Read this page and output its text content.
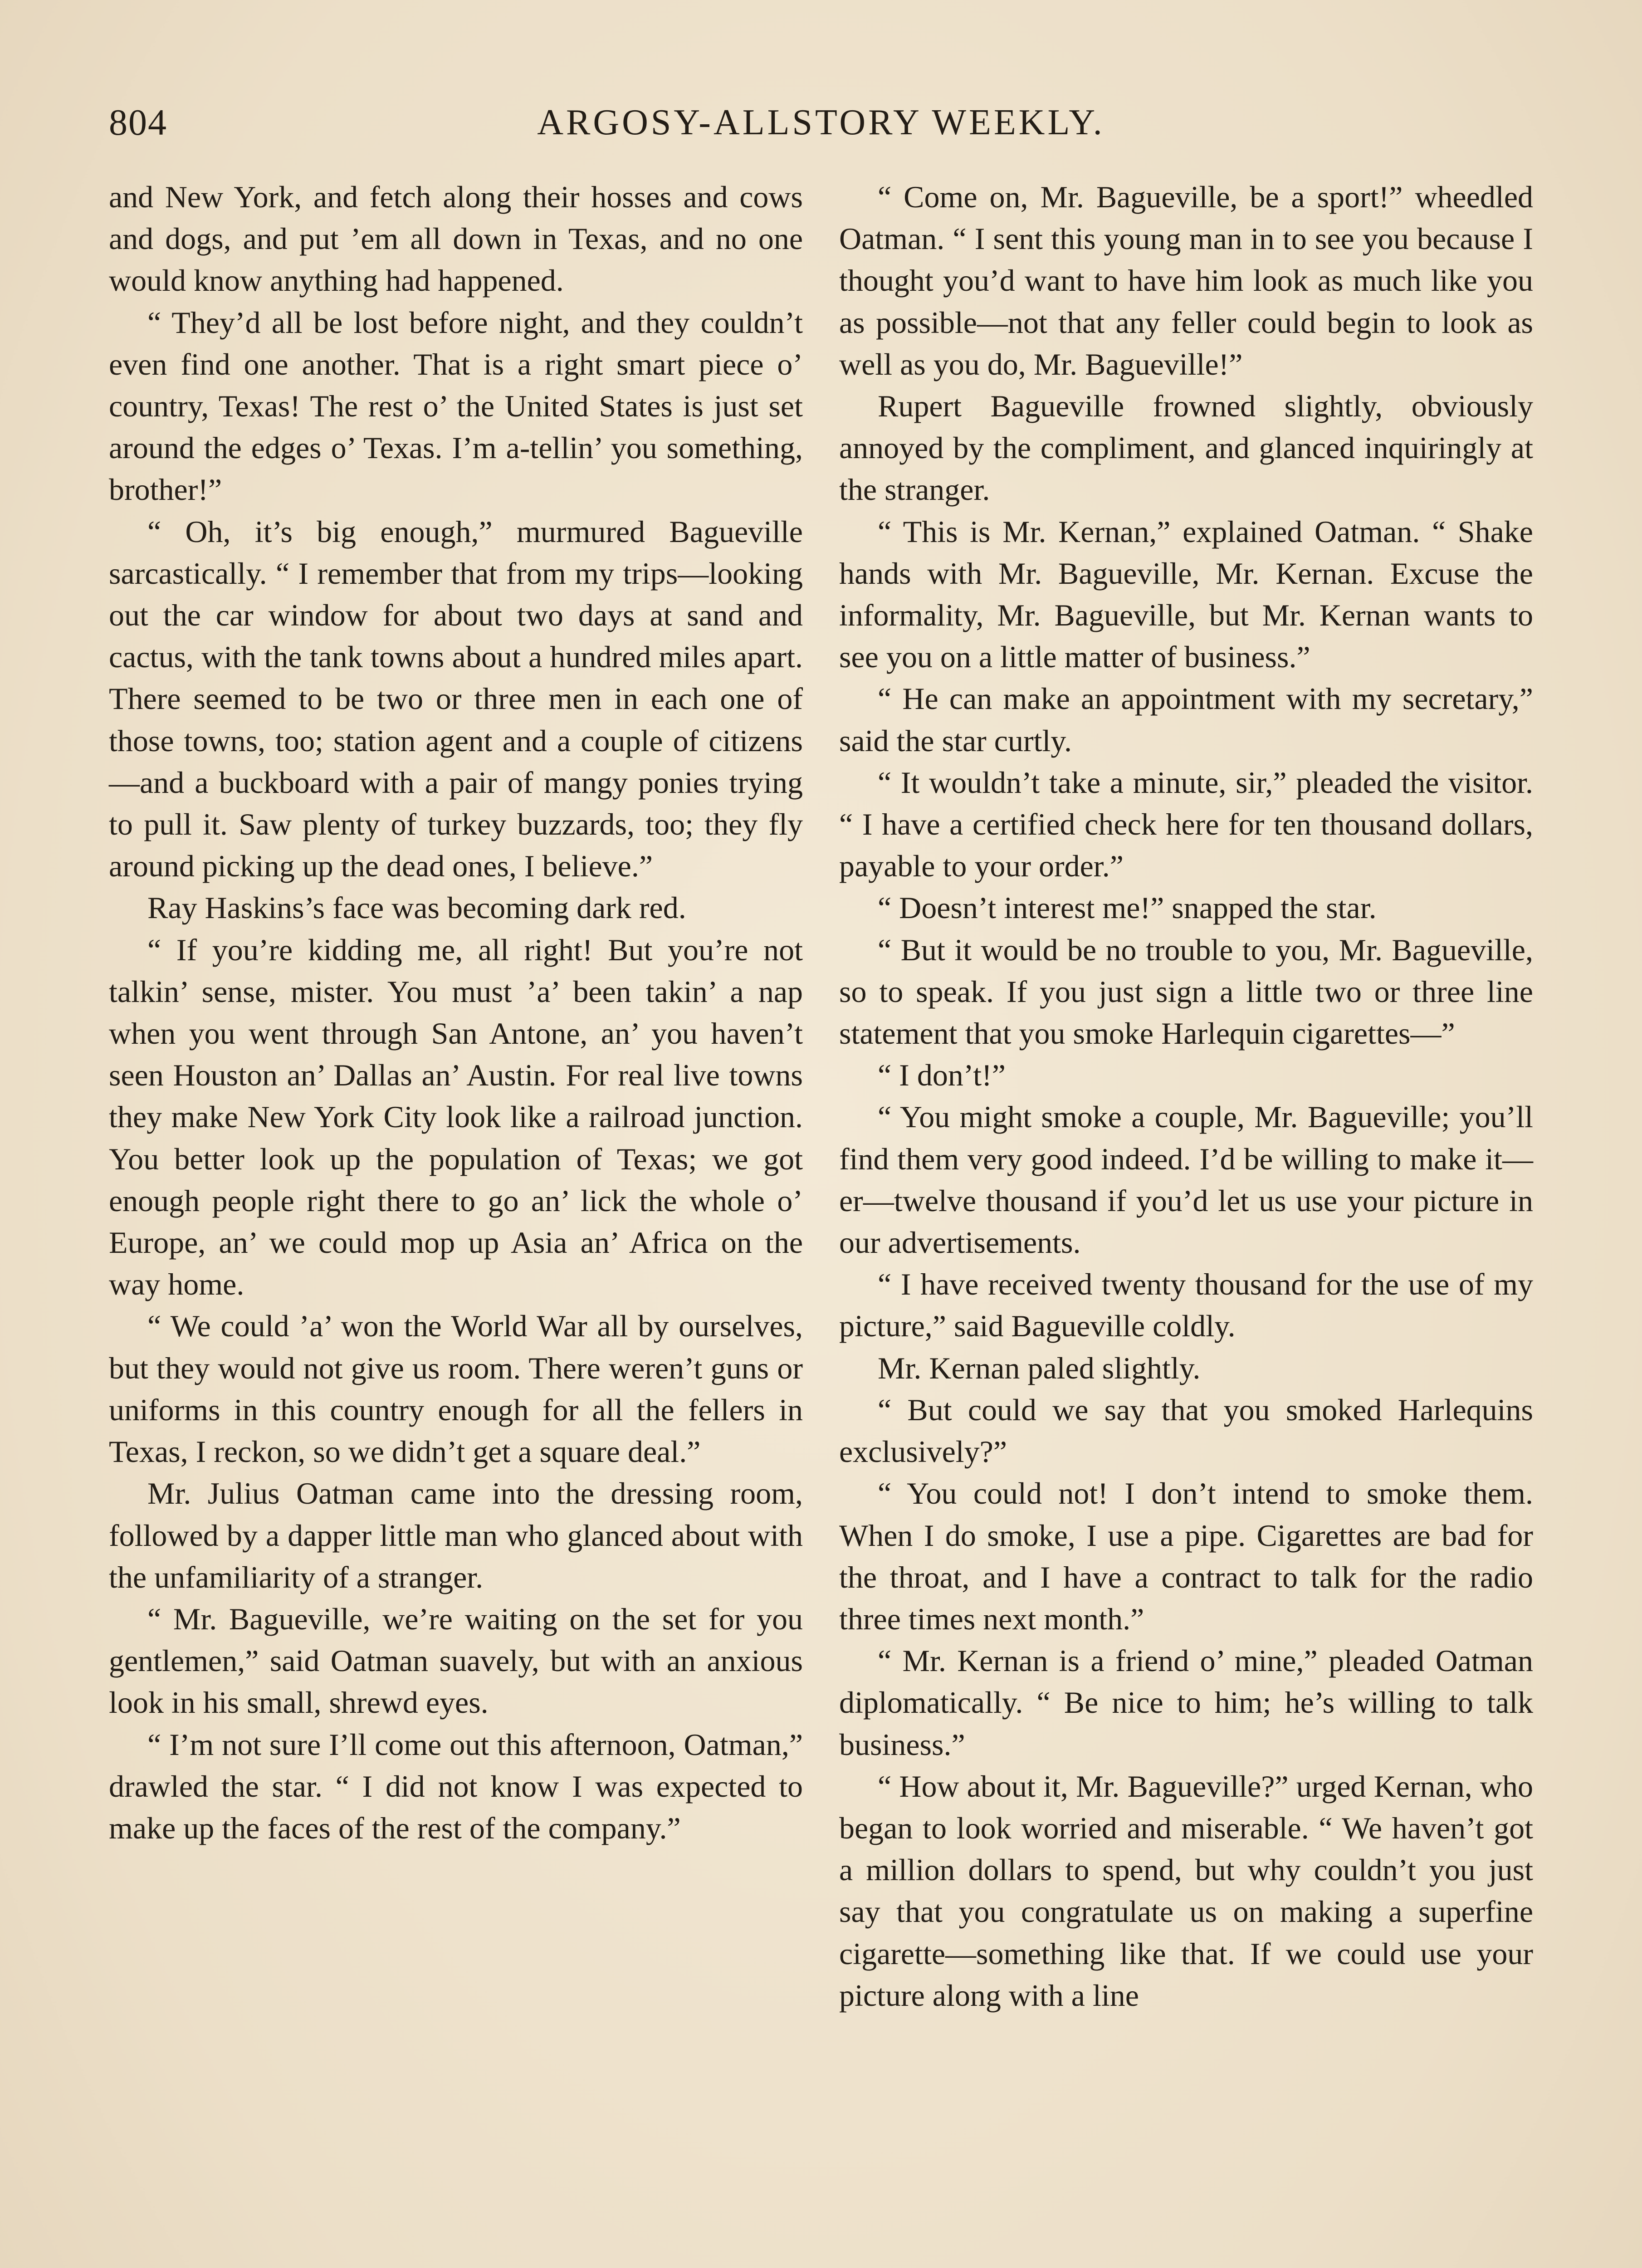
804	ARGOSY-ALLSTORY WEEKLY.

and New York, and fetch along their hosses and cows and dogs, and put ’em all down in Texas, and no one would know anything had happened.

“ They’d all be lost before night, and they couldn’t even find one another. That is a right smart piece o’ country, Texas! The rest o’ the United States is just set around the edges o’ Texas. I’m a-tellin’ you something, brother!”

“ Oh, it’s big enough,” murmured Bagueville sarcastically. “ I remember that from my trips—looking out the car window for about two days at sand and cactus, with the tank towns about a hundred miles apart. There seemed to be two or three men in each one of those towns, too; station agent and a couple of citizens—and a buckboard with a pair of mangy ponies trying to pull it. Saw plenty of turkey buzzards, too; they fly around picking up the dead ones, I believe.”

Ray Haskins’s face was becoming dark red.

“ If you’re kidding me, all right! But you’re not talkin’ sense, mister. You must ’a’ been takin’ a nap when you went through San Antone, an’ you haven’t seen Houston an’ Dallas an’ Austin. For real live towns they make New York City look like a railroad junction. You better look up the population of Texas; we got enough people right there to go an’ lick the whole o’ Europe, an’ we could mop up Asia an’ Africa on the way home.

“ We could ’a’ won the World War all by ourselves, but they would not give us room. There weren’t guns or uniforms in this country enough for all the fellers in Texas, I reckon, so we didn’t get a square deal.”

Mr. Julius Oatman came into the dressing room, followed by a dapper little man who glanced about with the unfamiliarity of a stranger.

“ Mr. Bagueville, we’re waiting on the set for you gentlemen,” said Oatman suavely, but with an anxious look in his small, shrewd eyes.

“ I’m not sure I’ll come out this afternoon, Oatman,” drawled the star. “ I did not know I was expected to make up the faces of the rest of the company.”

“ Come on, Mr. Bagueville, be a sport!” wheedled Oatman. “ I sent this young man in to see you because I thought you’d want to have him look as much like you as possible—not that any feller could begin to look as well as you do, Mr. Bagueville!”

Rupert Bagueville frowned slightly, obviously annoyed by the compliment, and glanced inquiringly at the stranger.

“ This is Mr. Kernan,” explained Oatman. “ Shake hands with Mr. Bagueville, Mr. Kernan. Excuse the informality, Mr. Bagueville, but Mr. Kernan wants to see you on a little matter of business.”

“ He can make an appointment with my secretary,” said the star curtly.

“ It wouldn’t take a minute, sir,” pleaded the visitor. “ I have a certified check here for ten thousand dollars, payable to your order.”

“ Doesn’t interest me!” snapped the star.

“ But it would be no trouble to you, Mr. Bagueville, so to speak. If you just sign a little two or three line statement that you smoke Harlequin cigarettes—”

“ I don’t!”

“ You might smoke a couple, Mr. Bagueville; you’ll find them very good indeed. I’d be willing to make it—er—twelve thousand if you’d let us use your picture in our advertisements.

“ I have received twenty thousand for the use of my picture,” said Bagueville coldly.

Mr. Kernan paled slightly.

“ But could we say that you smoked Harlequins exclusively?”

“ You could not! I don’t intend to smoke them. When I do smoke, I use a pipe. Cigarettes are bad for the throat, and I have a contract to talk for the radio three times next month.”

“ Mr. Kernan is a friend o’ mine,” pleaded Oatman diplomatically. “ Be nice to him; he’s willing to talk business.”

“ How about it, Mr. Bagueville?” urged Kernan, who began to look worried and miserable. “ We haven’t got a million dollars to spend, but why couldn’t you just say that you congratulate us on making a superfine cigarette—something like that. If we could use your picture along with a line
